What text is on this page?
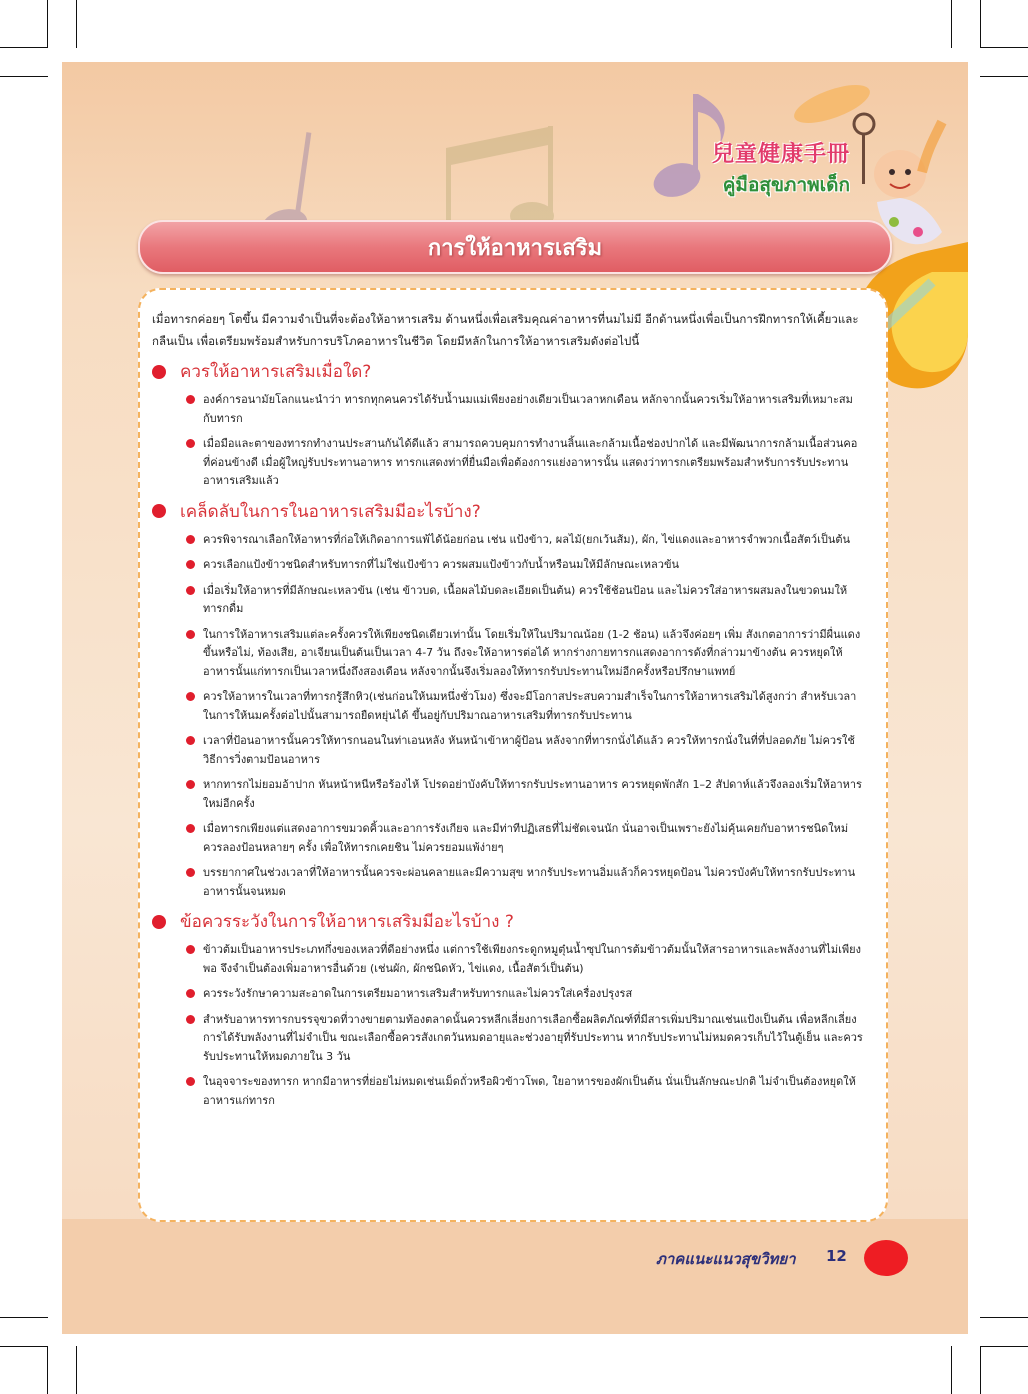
兒童健康手冊
คู่มือสุขภาพเด็ก
การให้อาหารเสริม

เมื่อทารกค่อยๆ โตขึ้น มีความจำเป็นที่จะต้องให้อาหารเสริม ด้านหนึ่งเพื่อเสริมคุณค่าอาหารที่นมไม่มี อีกด้านหนึ่งเพื่อเป็นการฝึกทารกให้เคี้ยวและกลืนเป็น เพื่อเตรียมพร้อมสำหรับการบริโภคอาหารในชีวิต โดยมีหลักในการให้อาหารเสริมดังต่อไปนี้

ควรให้อาหารเสริมเมื่อใด?
องค์การอนามัยโลกแนะนำว่า ทารกทุกคนควรได้รับน้ำนมแม่เพียงอย่างเดียวเป็นเวลาหกเดือน หลักจากนั้นควรเริ่มให้อาหารเสริมที่เหมาะสมกับทารก
เมื่อมือและตาของทารกทำงานประสานกันได้ดีแล้ว สามารถควบคุมการทำงานลิ้นและกล้ามเนื้อช่องปากได้ และมีพัฒนาการกล้ามเนื้อส่วนคอที่ค่อนข้างดี เมื่อผู้ใหญ่รับประทานอาหาร ทารกแสดงท่าที่ยื่นมือเพื่อต้องการแย่งอาหารนั้น แสดงว่าทารกเตรียมพร้อมสำหรับการรับประทานอาหารเสริมแล้ว
เคล็ดลับในการในอาหารเสริมมีอะไรบ้าง?
ควรพิจารณาเลือกให้อาหารที่ก่อให้เกิดอาการแพ้ได้น้อยก่อน เช่น แป้งข้าว, ผลไม้(ยกเว้นส้ม), ผัก, ไข่แดงและอาหารจำพวกเนื้อสัตว์เป็นต้น
ควรเลือกแป้งข้าวชนิดสำหรับทารกที่ไม่ใช่แป้งข้าว ควรผสมแป้งข้าวกับน้ำหรือนมให้มีลักษณะเหลวข้น
เมื่อเริ่มให้อาหารที่มีลักษณะเหลวข้น (เช่น ข้าวบด, เนื้อผลไม้บดละเอียดเป็นต้น) ควรใช้ช้อนป้อน และไม่ควรใส่อาหารผสมลงในขวดนมให้ทารกดื่ม
ในการให้อาหารเสริมแต่ละครั้งควรให้เพียงชนิดเดียวเท่านั้น โดยเริ่มให้ในปริมาณน้อย (1-2 ช้อน) แล้วจึงค่อยๆ เพิ่ม สังเกตอาการว่ามีผื่นแดงขึ้นหรือไม่, ท้องเสีย, อาเจียนเป็นต้นเป็นเวลา 4-7 วัน ถึงจะให้อาหารต่อได้ หากร่างกายทารกแสดงอาการดังที่กล่าวมาข้างต้น ควรหยุดให้อาหารนั้นแก่ทารกเป็นเวลาหนึ่งถึงสองเดือน หลังจากนั้นจึงเริ่มลองให้ทารกรับประทานใหม่อีกครั้งหรือปรึกษาแพทย์
ควรให้อาหารในเวลาที่ทารกรู้สึกหิว(เช่นก่อนให้นมหนึ่งชั่วโมง) ซึ่งจะมีโอกาสประสบความสำเร็จในการให้อาหารเสริมได้สูงกว่า สำหรับเวลาในการให้นมครั้งต่อไปนั้นสามารถยืดหยุ่นได้ ขึ้นอยู่กับปริมาณอาหารเสริมที่ทารกรับประทาน
เวลาที่ป้อนอาหารนั้นควรให้ทารกนอนในท่าเอนหลัง หันหน้าเข้าหาผู้ป้อน หลังจากที่ทารกนั่งได้แล้ว ควรให้ทารกนั่งในที่ที่ปลอดภัย ไม่ควรใช้วิธีการวิ่งตามป้อนอาหาร
หากทารกไม่ยอมอ้าปาก หันหน้าหนีหรือร้องไห้ โปรดอย่าบังคับให้ทารกรับประทานอาหาร ควรหยุดพักสัก 1–2 สัปดาห์แล้วจึงลองเริ่มให้อาหารใหม่อีกครั้ง
เมื่อทารกเพียงแต่แสดงอาการขมวดคิ้วและอาการรังเกียจ และมีท่าทีปฏิเสธที่ไม่ชัดเจนนัก นั่นอาจเป็นเพราะยังไม่คุ้นเคยกับอาหารชนิดใหม่ ควรลองป้อนหลายๆ ครั้ง เพื่อให้ทารกเคยชิน ไม่ควรยอมแพ้ง่ายๆ
บรรยากาศในช่วงเวลาที่ให้อาหารนั้นควรจะผ่อนคลายและมีความสุข หากรับประทานอิ่มแล้วก็ควรหยุดป้อน ไม่ควรบังคับให้ทารกรับประทานอาหารนั้นจนหมด
ข้อควรระวังในการให้อาหารเสริมมีอะไรบ้าง ?
ข้าวต้มเป็นอาหารประเภทกึ่งของเหลวที่ดีอย่างหนึ่ง แต่การใช้เพียงกระดูกหมูตุ๋นน้ำซุปในการต้มข้าวต้มนั้นให้สารอาหารและพลังงานที่ไม่เพียงพอ จึงจำเป็นต้องเพิ่มอาหารอื่นด้วย (เช่นผัก, ผักชนิดหัว, ไข่แดง, เนื้อสัตว์เป็นต้น)
ควรระวังรักษาความสะอาดในการเตรียมอาหารเสริมสำหรับทารกและไม่ควรใส่เครื่องปรุงรส
สำหรับอาหารทารกบรรจุขวดที่วางขายตามท้องตลาดนั้นควรหลีกเลี่ยงการเลือกซื้อผลิตภัณฑ์ที่มีสารเพิ่มปริมาณเช่นแป้งเป็นต้น เพื่อหลีกเลี่ยงการได้รับพลังงานที่ไม่จำเป็น ขณะเลือกซื้อควรสังเกตวันหมดอายุและช่วงอายุที่รับประทาน หากรับประทานไม่หมดควรเก็บไว้ในตู้เย็น และควรรับประทานให้หมดภายใน 3 วัน
ในอุจจาระของทารก หากมีอาหารที่ย่อยไม่หมดเช่นเม็ดถั่วหรือผิวข้าวโพด, ใยอาหารของผักเป็นต้น นั่นเป็นลักษณะปกติ ไม่จำเป็นต้องหยุดให้อาหารแก่ทารก
ภาคแนะแนวสุขวิทยา 12
